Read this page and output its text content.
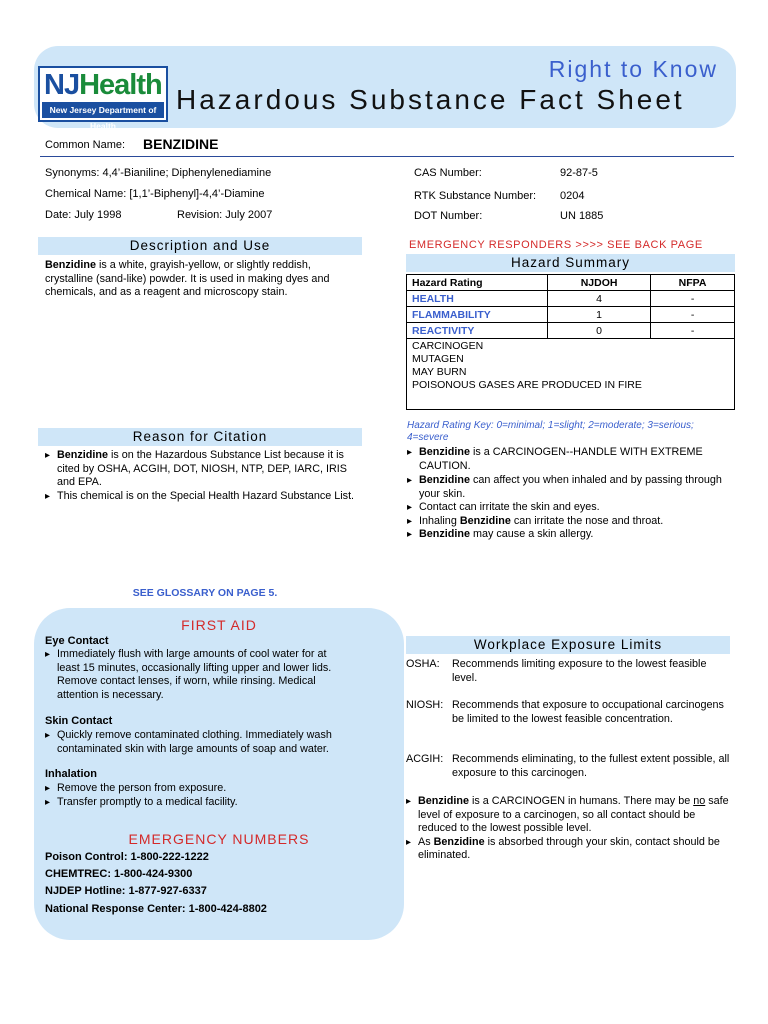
NJHealth
New Jersey Department of Health
Right to Know
Hazardous Substance Fact Sheet
Common Name: BENZIDINE
Synonyms: 4,4’-Bianiline; Diphenylenediamine
Chemical Name: [1,1’-Biphenyl]-4,4’-Diamine
Date: July 1998	Revision: July 2007
CAS Number:	92-87-5
RTK Substance Number: 0204
DOT Number:	UN 1885
Description and Use
Benzidine is a white, grayish-yellow, or slightly reddish, crystalline (sand-like) powder. It is used in making dyes and chemicals, and as a reagent and microscopy stain.
EMERGENCY RESPONDERS >>>> SEE BACK PAGE
Hazard Summary
Hazard Rating	NJDOH	NFPA
HEALTH	4	-
FLAMMABILITY	1	-
REACTIVITY	0	-

CARCINOGEN
MUTAGEN
MAY BURN
POISONOUS GASES ARE PRODUCED IN FIRE		
Hazard Rating Key: 0=minimal; 1=slight; 2=moderate; 3=serious; 4=severe
▸ Benzidine is a CARCINOGEN--HANDLE WITH EXTREME CAUTION.
▸ Benzidine can affect you when inhaled and by passing through your skin.
▸ Contact can irritate the skin and eyes.
▸ Inhaling Benzidine can irritate the nose and throat.
▸ Benzidine may cause a skin allergy.
Reason for Citation
▸ Benzidine is on the Hazardous Substance List because it is cited by OSHA, ACGIH, DOT, NIOSH, NTP, DEP, IARC, IRIS and EPA.
▸ This chemical is on the Special Health Hazard Substance List.
SEE GLOSSARY ON PAGE 5.
FIRST AID
Eye Contact
▸ Immediately flush with large amounts of cool water for at least 15 minutes, occasionally lifting upper and lower lids. Remove contact lenses, if worn, while rinsing. Medical attention is necessary.
Skin Contact
▸ Quickly remove contaminated clothing. Immediately wash contaminated skin with large amounts of soap and water.
Inhalation
▸ Remove the person from exposure.
▸ Transfer promptly to a medical facility.
EMERGENCY NUMBERS
Poison Control: 1-800-222-1222
CHEMTREC: 1-800-424-9300
NJDEP Hotline: 1-877-927-6337
National Response Center: 1-800-424-8802
Workplace Exposure Limits
OSHA:	Recommends limiting exposure to the lowest feasible level.
NIOSH: Recommends that exposure to occupational carcinogens be limited to the lowest feasible concentration.
ACGIH: Recommends eliminating, to the fullest extent possible, all exposure to this carcinogen.
▸ Benzidine is a CARCINOGEN in humans. There may be no safe level of exposure to a carcinogen, so all contact should be reduced to the lowest possible level.
▸ As Benzidine is absorbed through your skin, contact should be eliminated.
